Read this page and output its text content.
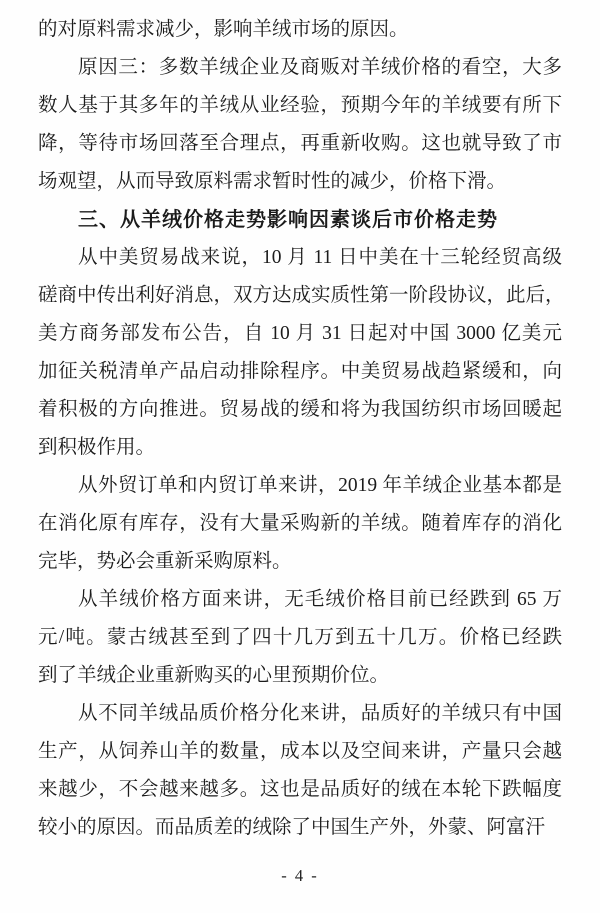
的对原料需求减少，影响羊绒市场的原因。
原因三：多数羊绒企业及商贩对羊绒价格的看空，大多
数人基于其多年的羊绒从业经验，预期今年的羊绒要有所下
降，等待市场回落至合理点，再重新收购。这也就导致了市
场观望，从而导致原料需求暂时性的减少，价格下滑。
三、从羊绒价格走势影响因素谈后市价格走势
从中美贸易战来说，10 月 11 日中美在十三轮经贸高级
磋商中传出利好消息，双方达成实质性第一阶段协议，此后，
美方商务部发布公告，自 10 月 31 日起对中国 3000 亿美元
加征关税清单产品启动排除程序。中美贸易战趋紧缓和，向
着积极的方向推进。贸易战的缓和将为我国纺织市场回暖起
到积极作用。
从外贸订单和内贸订单来讲，2019 年羊绒企业基本都是
在消化原有库存，没有大量采购新的羊绒。随着库存的消化
完毕，势必会重新采购原料。
从羊绒价格方面来讲，无毛绒价格目前已经跌到 65 万
元/吨。蒙古绒甚至到了四十几万到五十几万。价格已经跌
到了羊绒企业重新购买的心里预期价位。
从不同羊绒品质价格分化来讲，品质好的羊绒只有中国
生产，从饲养山羊的数量，成本以及空间来讲，产量只会越
来越少，不会越来越多。这也是品质好的绒在本轮下跌幅度
较小的原因。而品质差的绒除了中国生产外，外蒙、阿富汗
- 4 -
